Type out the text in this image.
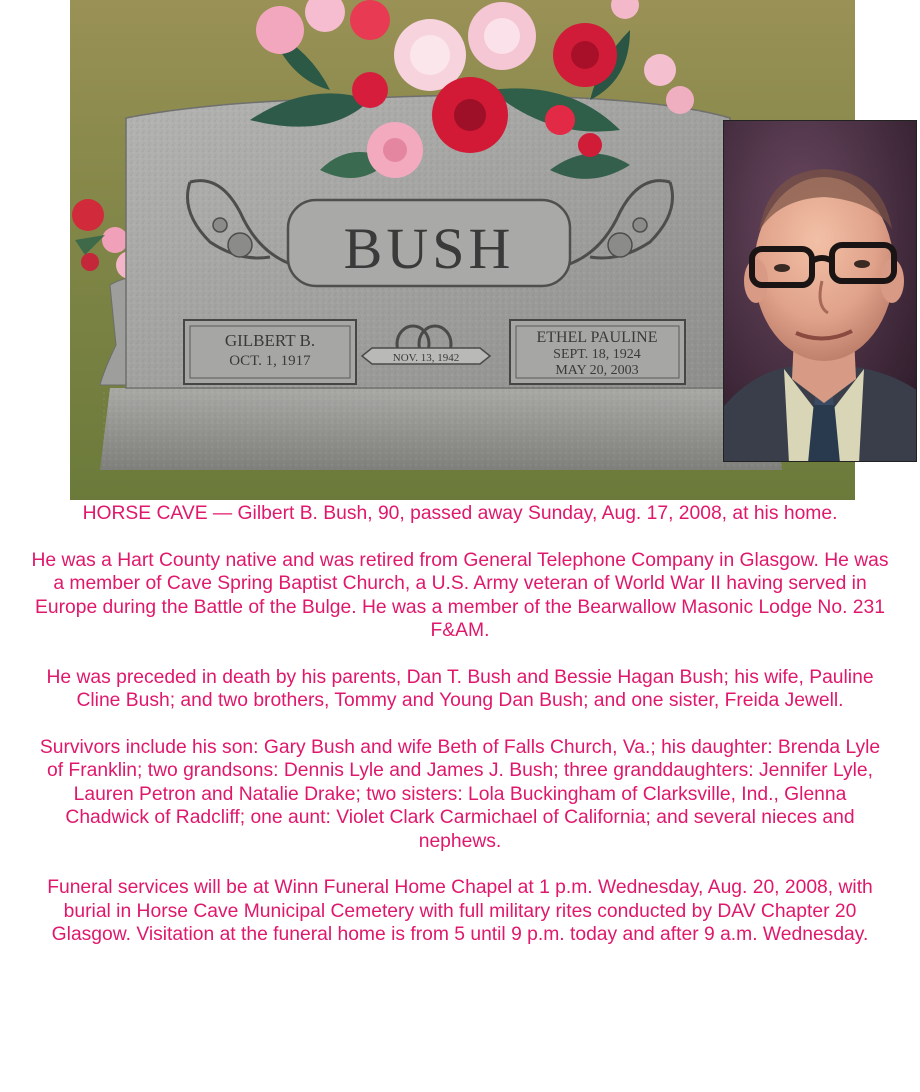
BUSH
GILBERT B.
OCT. 1, 1917
ETHEL PAULINE
SEPT. 18, 1924
MAY 20, 2003
NOV. 13, 1942

HORSE CAVE — Gilbert B. Bush, 90, passed away Sunday, Aug. 17, 2008, at his home.

He was a Hart County native and was retired from General Telephone Company in Glasgow. He was a member of Cave Spring Baptist Church, a U.S. Army veteran of World War II having served in Europe during the Battle of the Bulge. He was a member of the Bearwallow Masonic Lodge No. 231 F&AM.

He was preceded in death by his parents, Dan T. Bush and Bessie Hagan Bush; his wife, Pauline Cline Bush; and two brothers, Tommy and Young Dan Bush; and one sister, Freida Jewell.

Survivors include his son: Gary Bush and wife Beth of Falls Church, Va.; his daughter: Brenda Lyle of Franklin; two grandsons: Dennis Lyle and James J. Bush; three granddaughters: Jennifer Lyle, Lauren Petron and Natalie Drake; two sisters: Lola Buckingham of Clarksville, Ind., Glenna Chadwick of Radcliff; one aunt: Violet Clark Carmichael of California; and several nieces and nephews.

Funeral services will be at Winn Funeral Home Chapel at 1 p.m. Wednesday, Aug. 20, 2008, with burial in Horse Cave Municipal Cemetery with full military rites conducted by DAV Chapter 20 Glasgow. Visitation at the funeral home is from 5 until 9 p.m. today and after 9 a.m. Wednesday.
